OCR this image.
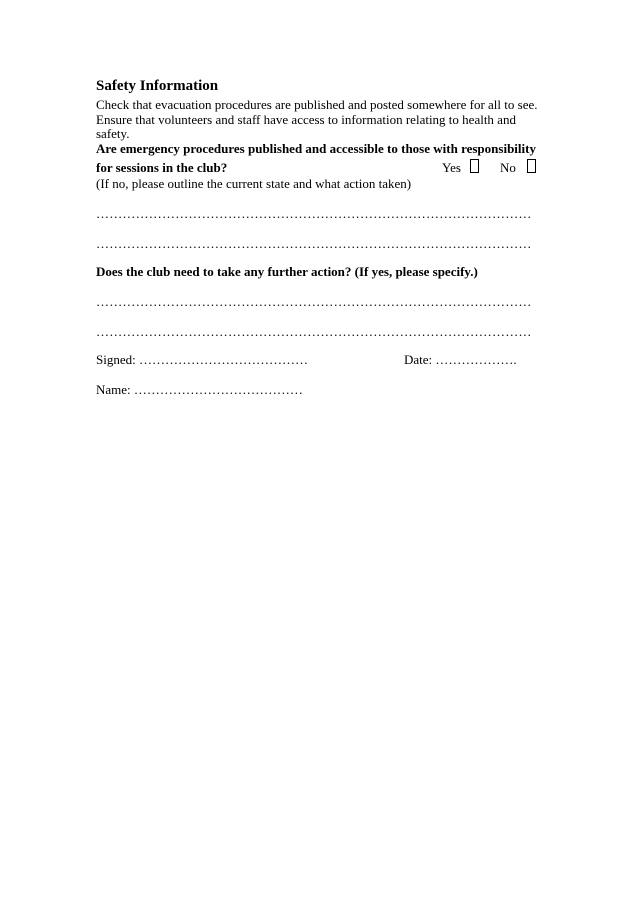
Safety Information
Check that evacuation procedures are published and posted somewhere for all to see.
Ensure that volunteers and staff have access to information relating to health and
safety.
Are emergency procedures published and accessible to those with responsibility
for sessions in the club?	Yes	No
(If no, please outline the current state and what action taken)
………………………………………………………………………………………
………………………………………………………………………………………
Does the club need to take any further action? (If yes, please specify.)
………………………………………………………………………………………
………………………………………………………………………………………
Signed: …………………………………	Date: ……………….
Name: …………………………………
